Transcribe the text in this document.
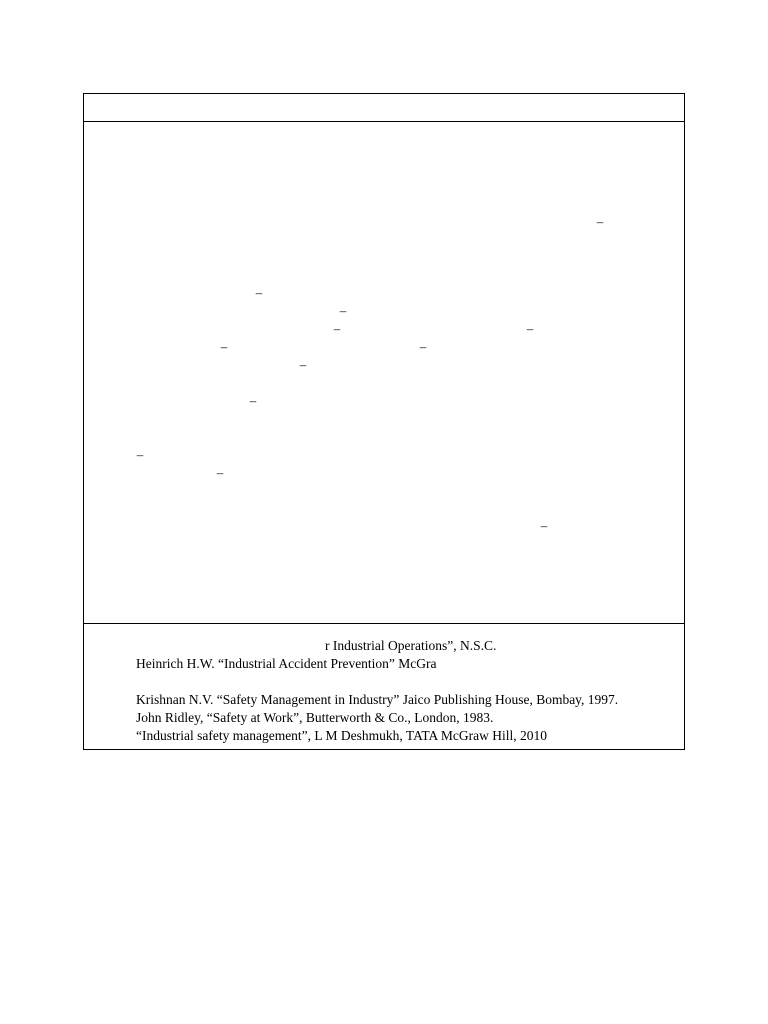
–
–
–
–	–
–	–
–
–
–
–
–
r Industrial Operations”, N.S.C.
Heinrich H.W. “Industrial Accident Prevention” McGra
Krishnan N.V. “Safety Management in Industry” Jaico Publishing House, Bombay, 1997.
John Ridley, “Safety at Work”, Butterworth & Co., London, 1983.
“Industrial safety management”, L M Deshmukh, TATA McGraw Hill, 2010
